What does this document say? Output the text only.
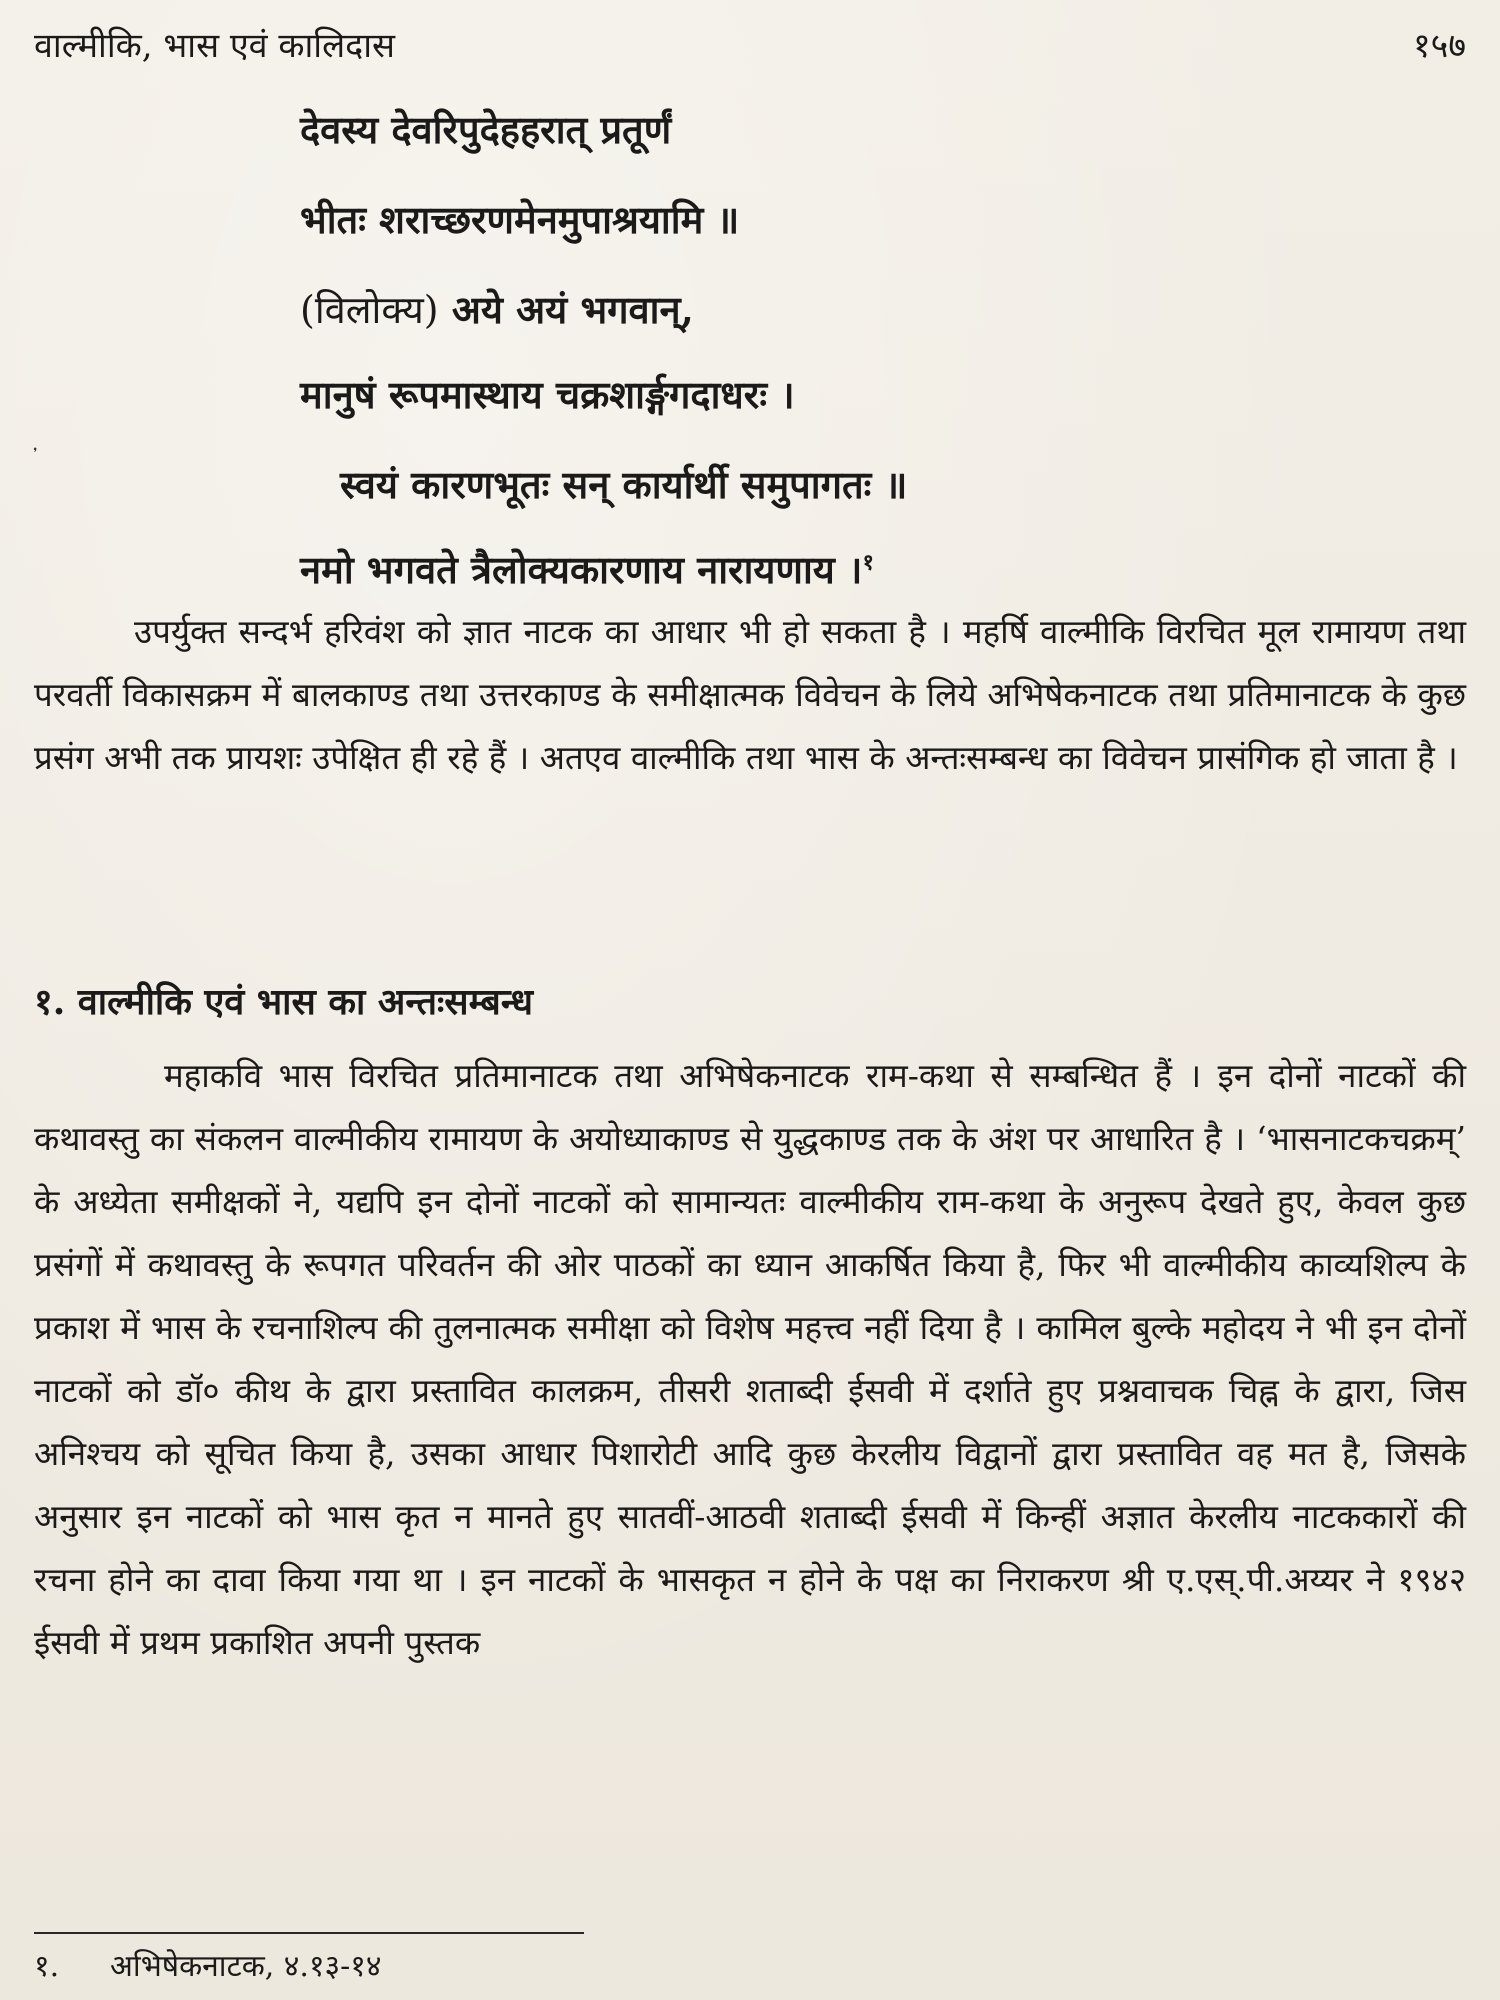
वाल्मीकि, भास एवं कालिदास	१५७
देवस्य देवरिपुदेहहरात् प्रतूर्णं
भीतः शराच्छरणमेनमुपाश्रयामि ॥
(विलोक्य) अये अयं भगवान्,
मानुषं रूपमास्थाय चक्रशार्ङ्गगदाधरः ।
स्वयं कारणभूतः सन् कार्यार्थी समुपागतः ॥
नमो भगवते त्रैलोक्यकारणाय नारायणाय ।$^१$

उपर्युक्त सन्दर्भ हरिवंश को ज्ञात नाटक का आधार भी हो सकता है । महर्षि वाल्मीकि विरचित मूल रामायण तथा परवर्ती विकासक्रम में बालकाण्ड तथा उत्तरकाण्ड के समीक्षात्मक विवेचन के लिये अभिषेकनाटक तथा प्रतिमानाटक के कुछ प्रसंग अभी तक प्रायशः उपेक्षित ही रहे हैं । अतएव वाल्मीकि तथा भास के अन्तःसम्बन्ध का विवेचन प्रासंगिक हो जाता है ।

१. वाल्मीकि एवं भास का अन्तःसम्बन्ध

महाकवि भास विरचित प्रतिमानाटक तथा अभिषेकनाटक राम-कथा से सम्बन्धित हैं । इन दोनों नाटकों की कथावस्तु का संकलन वाल्मीकीय रामायण के अयोध्याकाण्ड से युद्धकाण्ड तक के अंश पर आधारित है । ‘भासनाटकचक्रम्’ के अध्येता समीक्षकों ने, यद्यपि इन दोनों नाटकों को सामान्यतः वाल्मीकीय राम-कथा के अनुरूप देखते हुए, केवल कुछ प्रसंगों में कथावस्तु के रूपगत परिवर्तन की ओर पाठकों का ध्यान आकर्षित किया है, फिर भी वाल्मीकीय काव्यशिल्प के प्रकाश में भास के रचनाशिल्प की तुलनात्मक समीक्षा को विशेष महत्त्व नहीं दिया है । कामिल बुल्के महोदय ने भी इन दोनों नाटकों को डॉ० कीथ के द्वारा प्रस्तावित कालक्रम, तीसरी शताब्दी ईसवी में दर्शाते हुए प्रश्नवाचक चिह्न के द्वारा, जिस अनिश्चय को सूचित किया है, उसका आधार पिशारोटी आदि कुछ केरलीय विद्वानों द्वारा प्रस्तावित वह मत है, जिसके अनुसार इन नाटकों को भास कृत न मानते हुए सातवीं-आठवी शताब्दी ईसवी में किन्हीं अज्ञात केरलीय नाटककारों की रचना होने का दावा किया गया था । इन नाटकों के भासकृत न होने के पक्ष का निराकरण श्री ए.एस्.पी.अय्यर ने १९४२ ईसवी में प्रथम प्रकाशित अपनी पुस्तक

१. अभिषेकनाटक, ४.१३-१४
